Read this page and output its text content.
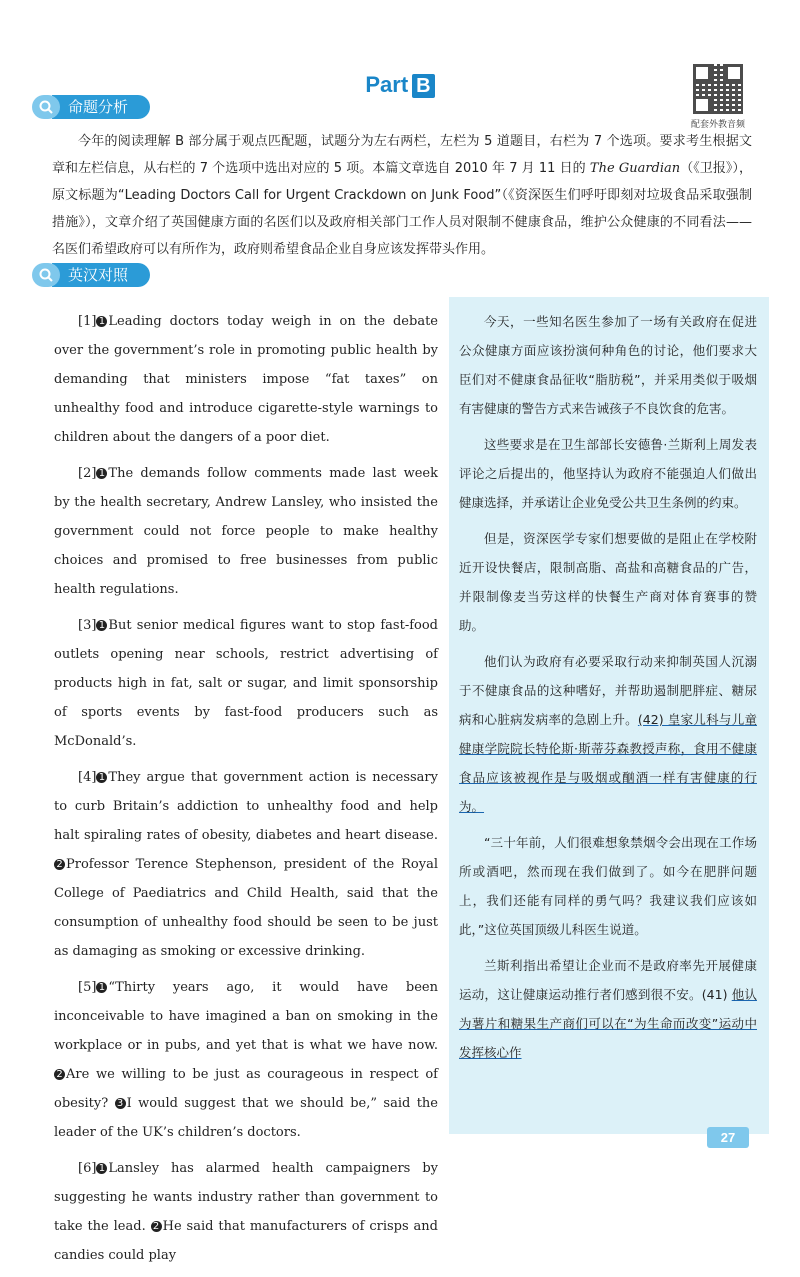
Part B
配套外教音频
命题分析

今年的阅读理解 B 部分属于观点匹配题，试题分为左右两栏，左栏为 5 道题目，右栏为 7 个选项。要求考生根据文章和左栏信息，从右栏的 7 个选项中选出对应的 5 项。本篇文章选自 2010 年 7 月 11 日的 The Guardian（《卫报》），原文标题为“Leading Doctors Call for Urgent Crackdown on Junk Food”（《资深医生们呼吁即刻对垃圾食品采取强制措施》），文章介绍了英国健康方面的名医们以及政府相关部门工作人员对限制不健康食品，维护公众健康的不同看法——名医们希望政府可以有所作为，政府则希望食品企业自身应该发挥带头作用。

英汉对照

[1] 1 Leading doctors today weigh in on the debate over the government’s role in promoting public health by demanding that ministers impose “fat taxes” on unhealthy food and introduce cigarette-style warnings to children about the dangers of a poor diet.

[2] 1 The demands follow comments made last week by the health secretary, Andrew Lansley, who insisted the government could not force people to make healthy choices and promised to free businesses from public health regulations.

[3] 1 But senior medical figures want to stop fast-food outlets opening near schools, restrict advertising of products high in fat, salt or sugar, and limit sponsorship of sports events by fast-food producers such as McDonald’s.

[4] 1 They argue that government action is necessary to curb Britain’s addiction to unhealthy food and help halt spiraling rates of obesity, diabetes and heart disease. 2 Professor Terence Stephenson, president of the Royal College of Paediatrics and Child Health, said that the consumption of unhealthy food should be seen to be just as damaging as smoking or excessive drinking.

[5] 1 “Thirty years ago, it would have been inconceivable to have imagined a ban on smoking in the workplace or in pubs, and yet that is what we have now. 2 Are we willing to be just as courageous in respect of obesity? 3 I would suggest that we should be,” said the leader of the UK’s children’s doctors.

[6] 1 Lansley has alarmed health campaigners by suggesting he wants industry rather than government to take the lead. 2 He said that manufacturers of crisps and candies could play

今天，一些知名医生参加了一场有关政府在促进公众健康方面应该扮演何种角色的讨论，他们要求大臣们对不健康食品征收“脂肪税”，并采用类似于吸烟有害健康的警告方式来告诫孩子不良饮食的危害。

这些要求是在卫生部部长安德鲁·兰斯利上周发表评论之后提出的，他坚持认为政府不能强迫人们做出健康选择，并承诺让企业免受公共卫生条例的约束。

但是，资深医学专家们想要做的是阻止在学校附近开设快餐店，限制高脂、高盐和高糖食品的广告，并限制像麦当劳这样的快餐生产商对体育赛事的赞助。

他们认为政府有必要采取行动来抑制英国人沉溺于不健康食品的这种嗜好，并帮助遏制肥胖症、糖尿病和心脏病发病率的急剧上升。(42) 皇家儿科与儿童健康学院院长特伦斯·斯蒂芬森教授声称，食用不健康食品应该被视作是与吸烟或酗酒一样有害健康的行为。

“三十年前，人们很难想象禁烟令会出现在工作场所或酒吧，然而现在我们做到了。如今在肥胖问题上，我们还能有同样的勇气吗？我建议我们应该如此，”这位英国顶级儿科医生说道。

兰斯利指出希望让企业而不是政府率先开展健康运动，这让健康运动推行者们感到很不安。(41) 他认为薯片和糖果生产商们可以在“为生命而改变”运动中发挥核心作

27
